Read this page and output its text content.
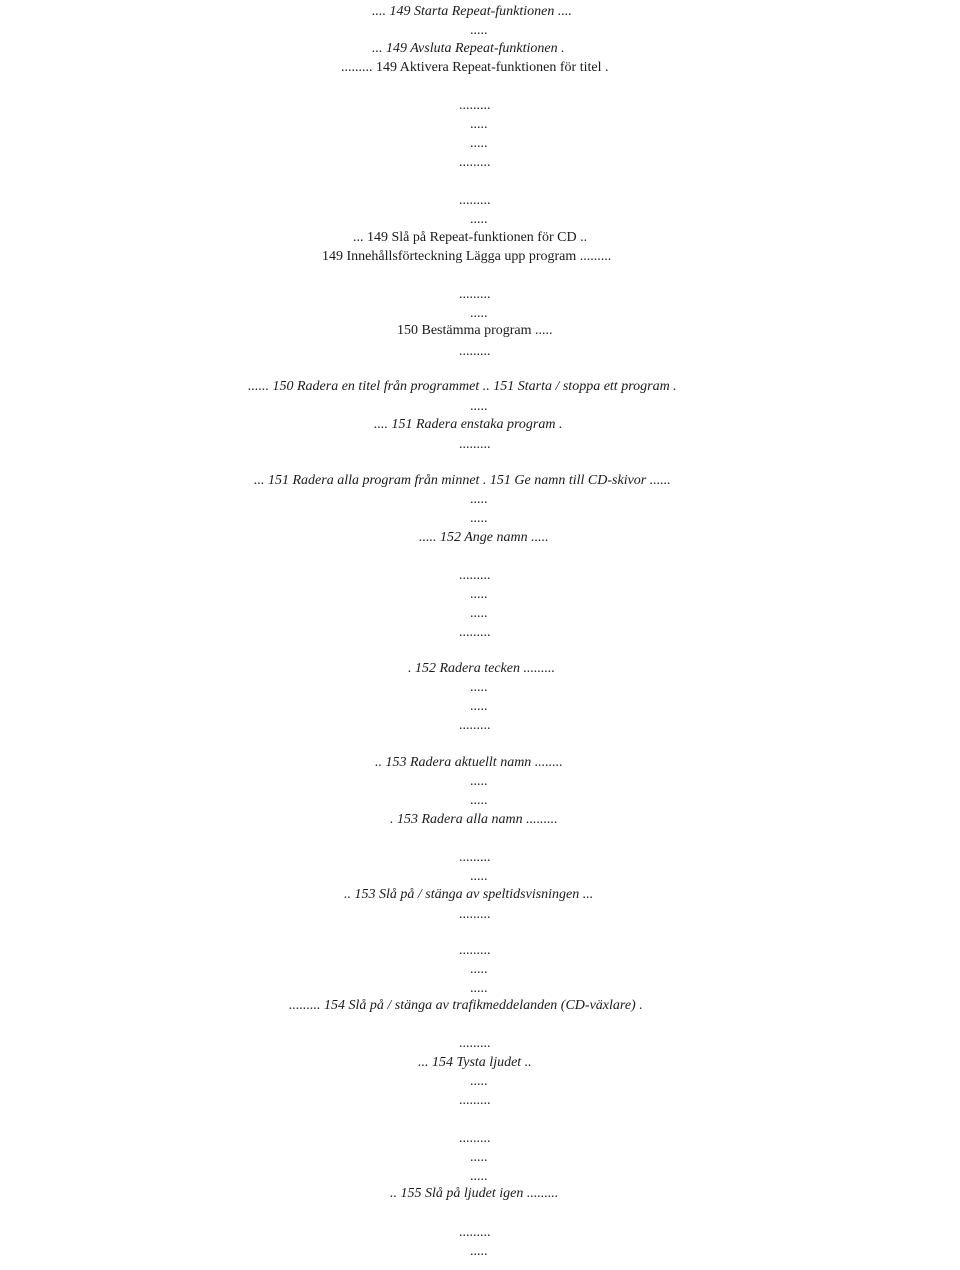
.... 149 Starta Repeat-funktionen ....
.....
... 149 Avsluta Repeat-funktionen .
......... 149 Aktivera Repeat-funktionen för titel .
.........
.....
.....
.........
.........
.....
... 149 Slå på Repeat-funktionen för CD ..
149 Innehållsförteckning Lägga upp program .........
.........
.....
150 Bestämma program .....
.........
...... 150 Radera en titel från programmet .. 151 Starta / stoppa ett program .
.....
.... 151 Radera enstaka program .
.........
... 151 Radera alla program från minnet . 151 Ge namn till CD-skivor ......
.....
.....
..... 152 Ange namn .....
.........
.....
.....
.........
. 152 Radera tecken .........
.....
.....
.........
.. 153 Radera aktuellt namn ........
.....
.....
. 153 Radera alla namn .........
.........
.....
.. 153 Slå på / stänga av speltidsvisningen ...
.........
.........
.....
.....
......... 154 Slå på / stänga av trafikmeddelanden (CD-växlare) .
.........
... 154 Tysta ljudet ..
.....
.........
.........
.....
.....
.. 155 Slå på ljudet igen .........
.........
.....
